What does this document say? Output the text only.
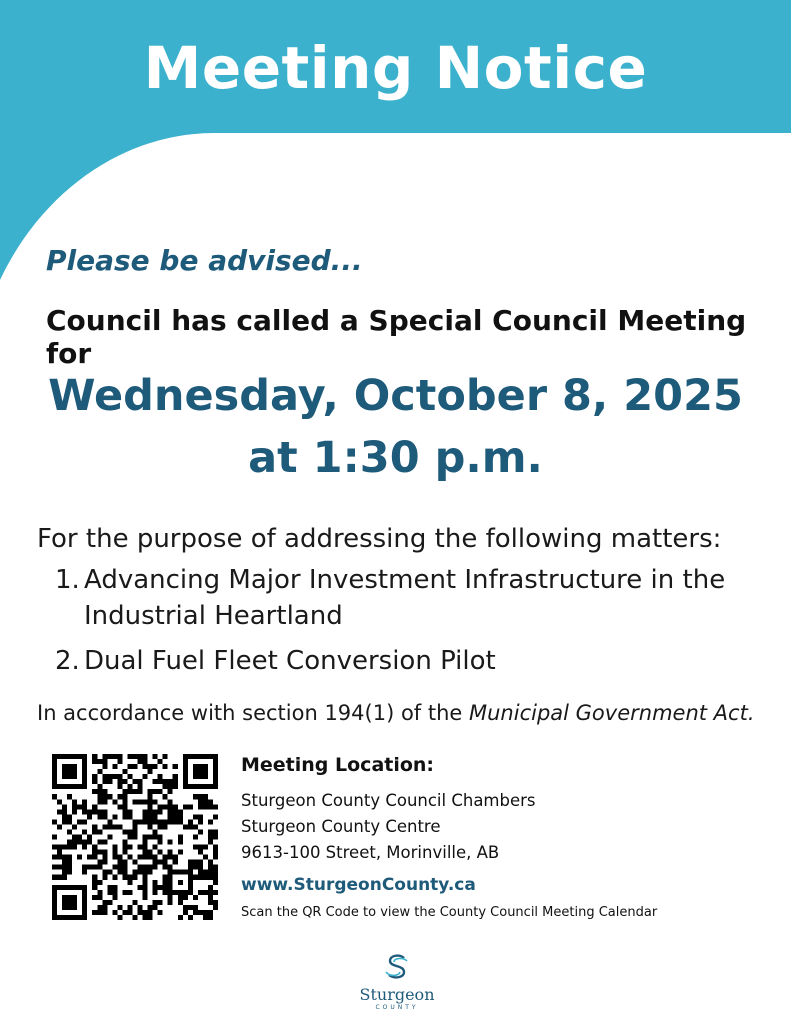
Meeting Notice
Please be advised...
Council has called a Special Council Meeting for
Wednesday, October 8, 2025
at 1:30 p.m.
For the purpose of addressing the following matters:
1. Advancing Major Investment Infrastructure in the Industrial Heartland
2. Dual Fuel Fleet Conversion Pilot
In accordance with section 194(1) of the Municipal Government Act.
Meeting Location:
Sturgeon County Council Chambers
Sturgeon County Centre
9613-100 Street, Morinville, AB
www.SturgeonCounty.ca
Scan the QR Code to view the County Council Meeting Calendar
Sturgeon
COUNTY
